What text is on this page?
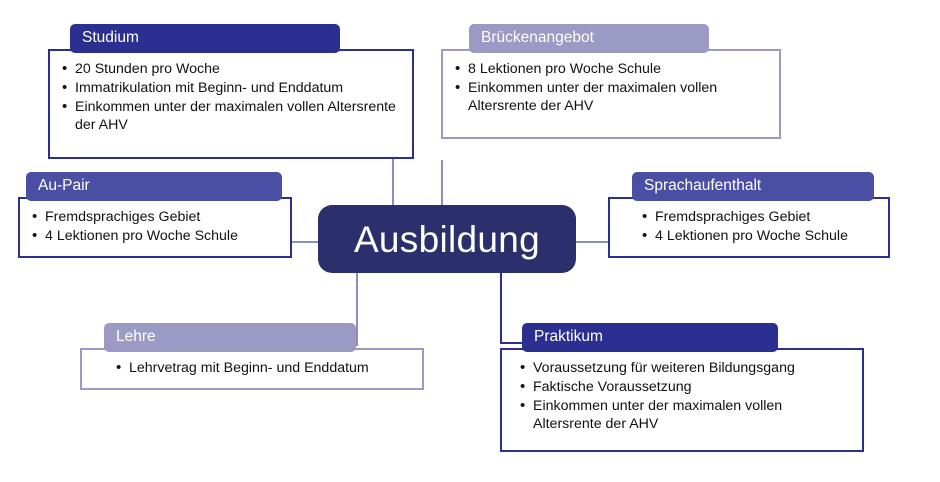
Ausbildung
Studium
• 20 Stunden pro Woche
• Immatrikulation mit Beginn- und Enddatum
• Einkommen unter der maximalen vollen Altersrente der AHV
Brückenangebot
• 8 Lektionen pro Woche Schule
• Einkommen unter der maximalen vollen Altersrente der AHV
Au-Pair
• Fremdsprachiges Gebiet
• 4 Lektionen pro Woche Schule
Sprachaufenthalt
• Fremdsprachiges Gebiet
• 4 Lektionen pro Woche Schule
Lehre
• Lehrvetrag mit Beginn- und Enddatum
Praktikum
• Voraussetzung für weiteren Bildungsgang
• Faktische Voraussetzung
• Einkommen unter der maximalen vollen Altersrente der AHV
